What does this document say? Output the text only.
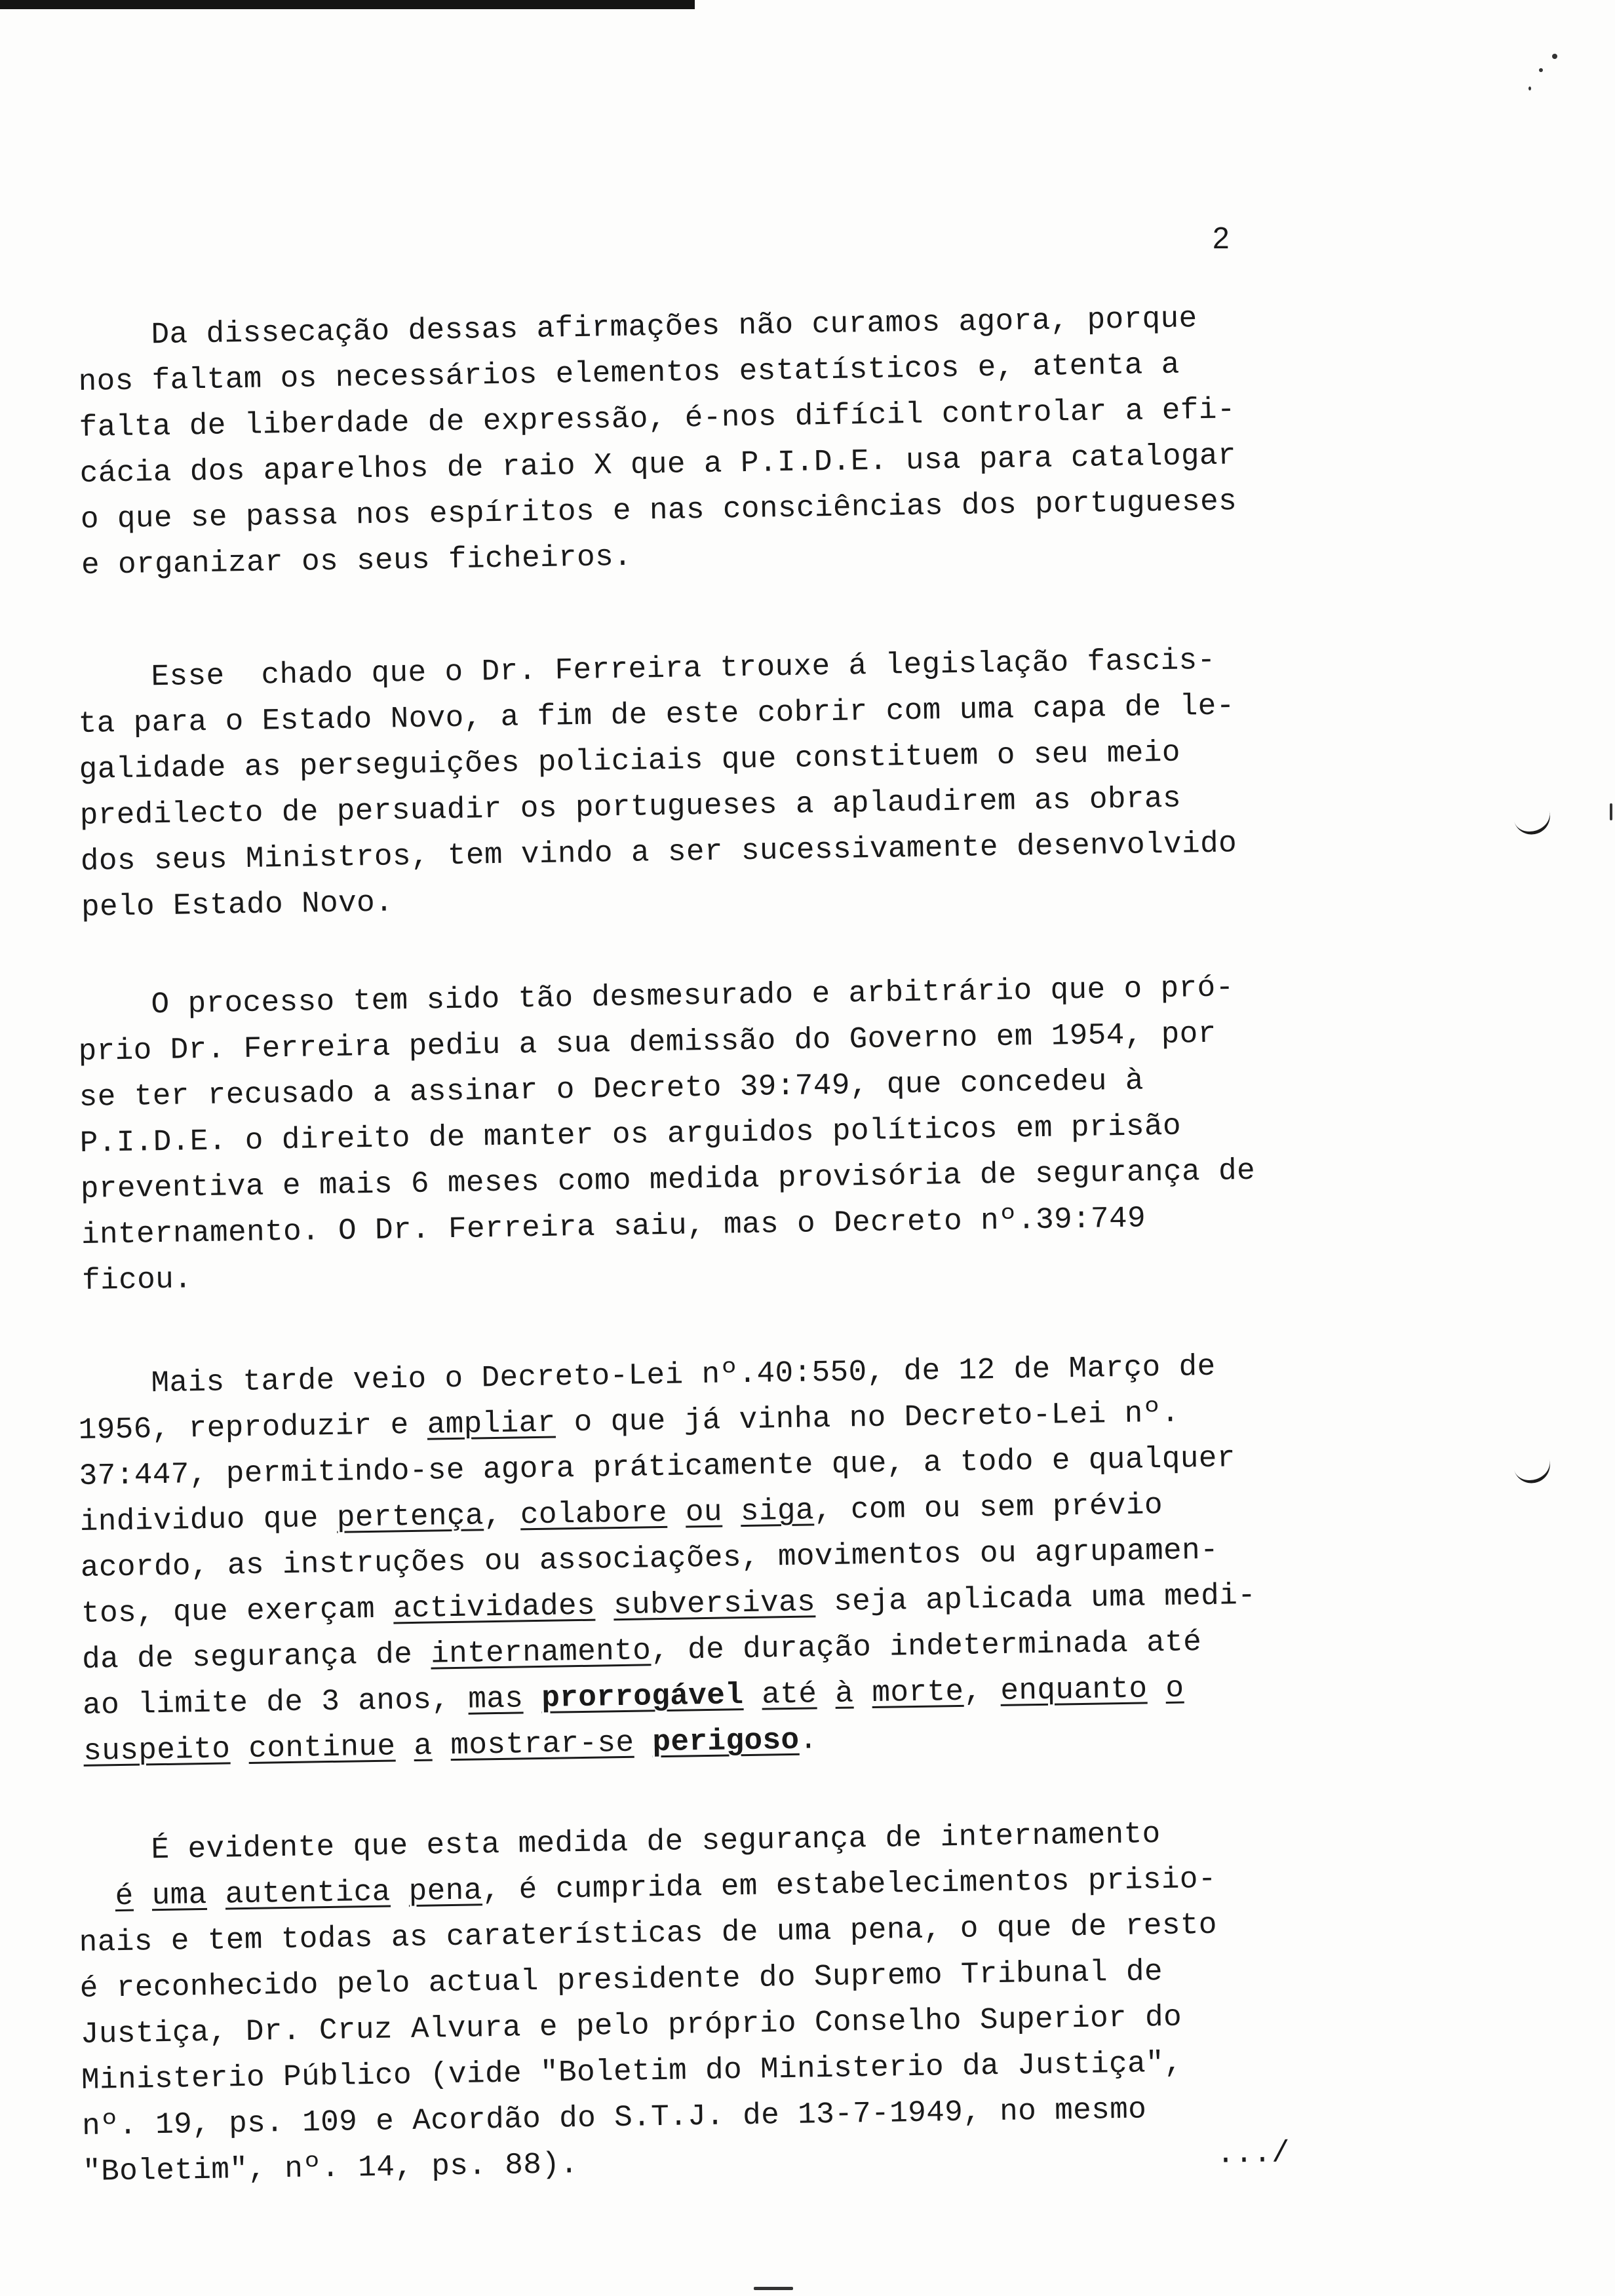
2
Da dissecação dessas afirmações não curamos agora, porque
nos faltam os necessários elementos estatísticos e, atenta a
falta de liberdade de expressão, é-nos difícil controlar a efi-
cácia dos aparelhos de raio X que a P.I.D.E. usa para catalogar
o que se passa nos espíritos e nas consciências dos portugueses
e organizar os seus ficheiros.
Esse  chado que o Dr. Ferreira trouxe á legislação fascis-
ta para o Estado Novo, a fim de este cobrir com uma capa de le-
galidade as perseguições policiais que constituem o seu meio
predilecto de persuadir os portugueses a aplaudirem as obras
dos seus Ministros, tem vindo a ser sucessivamente desenvolvido
pelo Estado Novo.
O processo tem sido tão desmesurado e arbitrário que o pró-
prio Dr. Ferreira pediu a sua demissão do Governo em 1954, por
se ter recusado a assinar o Decreto 39:749, que concedeu à
P.I.D.E. o direito de manter os arguidos políticos em prisão
preventiva e mais 6 meses como medida provisória de segurança de
internamento. O Dr. Ferreira saiu, mas o Decreto nº.39:749
ficou.
Mais tarde veio o Decreto-Lei nº.40:550, de 12 de Março de
1956, reproduzir e ampliar o que já vinha no Decreto-Lei nº.
37:447, permitindo-se agora práticamente que, a todo e qualquer
individuo que pertença, colabore ou siga, com ou sem prévio
acordo, as instruções ou associações, movimentos ou agrupamen-
tos, que exerçam actividades subversivas seja aplicada uma medi-
da de segurança de internamento, de duração indeterminada até
ao limite de 3 anos, mas prorrogável até à morte, enquanto o
suspeito continue a mostrar-se perigoso.
É evidente que esta medida de segurança de internamento
é uma autentica pena, é cumprida em estabelecimentos prisio-
nais e tem todas as caraterísticas de uma pena, o que de resto
é reconhecido pelo actual presidente do Supremo Tribunal de
Justiça, Dr. Cruz Alvura e pelo próprio Conselho Superior do
Ministerio Público (vide "Boletim do Ministerio da Justiça",
nº. 19, ps. 109 e Acordão do S.T.J. de 13-7-1949, no mesmo
"Boletim", nº. 14, ps. 88).	.../
